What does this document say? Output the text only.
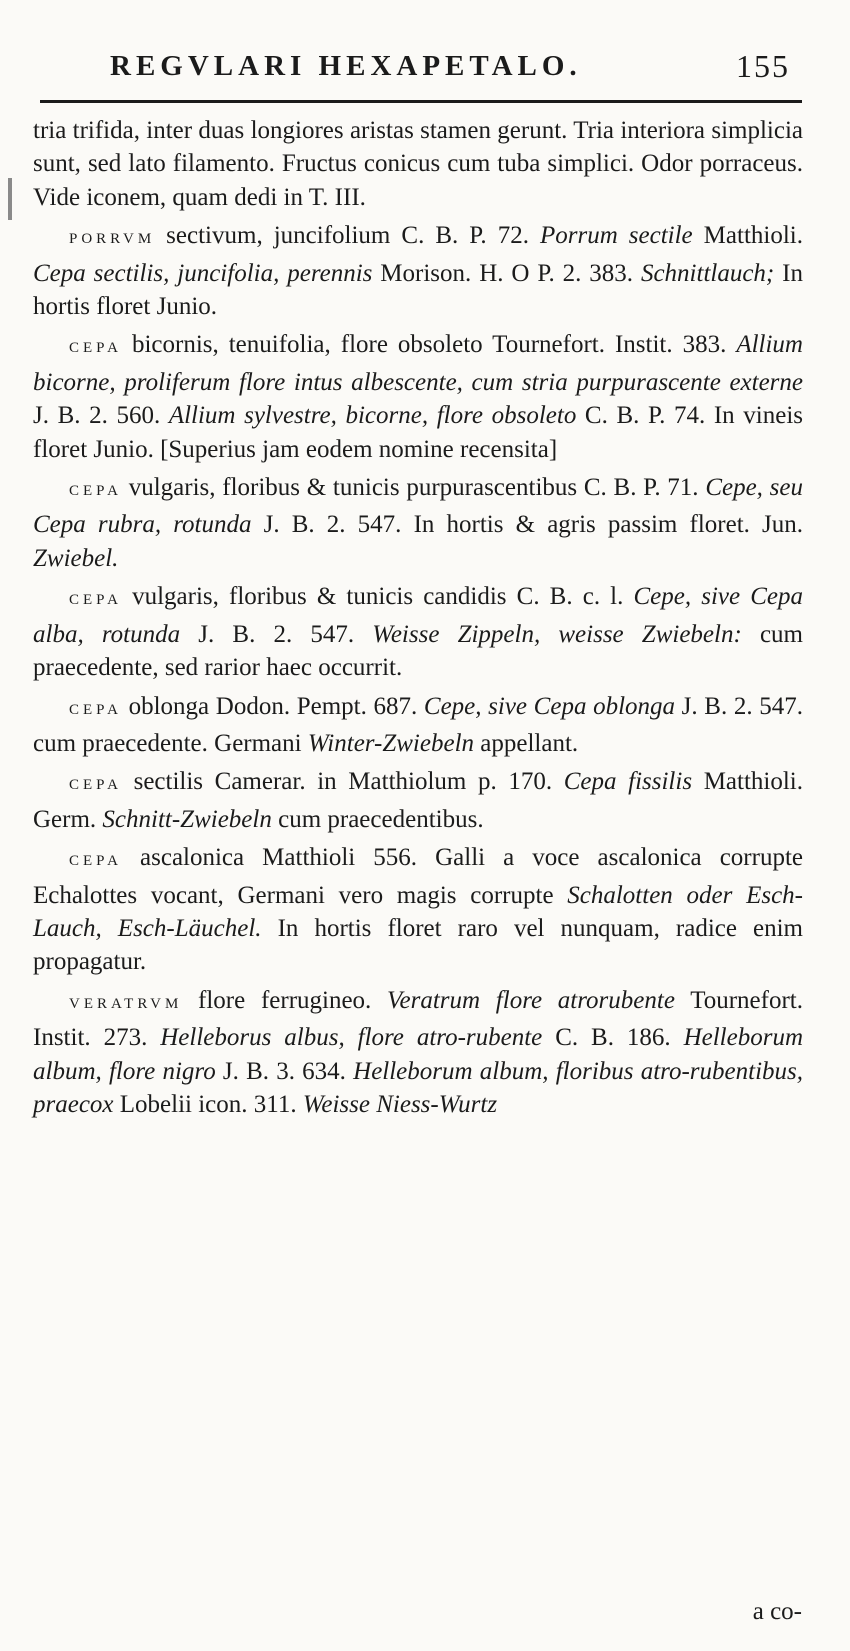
REGVLARI HEXAPETALO.	155

tria trifida, inter duas longiores aristas stamen gerunt. Tria interiora simplicia sunt, sed lato filamento. Fructus conicus cum tuba simplici. Odor porraceus. Vide iconem, quam dedi in T. III.

PORRVM sectivum, juncifolium C. B. P. 72. Porrum sectile Matthioli. Cepa sectilis, juncifolia, perennis Morison. H. O P. 2. 383. Schnittlauch; In hortis floret Junio.

CEPA bicornis, tenuifolia, flore obsoleto Tournefort. Instit. 383. Allium bicorne, proliferum flore intus albescente, cum stria purpurascente externe J. B. 2. 560. Allium sylvestre, bicorne, flore obsoleto C. B. P. 74. In vineis floret Junio. [Superius jam eodem nomine recensita]

CEPA vulgaris, floribus & tunicis purpurascentibus C. B. P. 71. Cepe, seu Cepa rubra, rotunda J. B. 2. 547. In hortis & agris passim floret. Jun. Zwiebel.

CEPA vulgaris, floribus & tunicis candidis C. B. c. l. Cepe, sive Cepa alba, rotunda J. B. 2. 547. Weisse Zippeln, weisse Zwiebeln: cum praecedente, sed rarior haec occurrit.

CEPA oblonga Dodon. Pempt. 687. Cepe, sive Cepa oblonga J. B. 2. 547. cum praecedente. Germani Winter-Zwiebeln appellant.

CEPA sectilis Camerar. in Matthiolum p. 170. Cepa fissilis Matthioli. Germ. Schnitt-Zwiebeln cum praecedentibus.

CEPA ascalonica Matthioli 556. Galli a voce ascalonica corrupte Echalottes vocant, Germani vero magis corrupte Schalotten oder Esch-Lauch, Esch-Läuchel. In hortis floret raro vel nunquam, radice enim propagatur.

VERATRVM flore ferrugineo. Veratrum flore atrorubente Tournefort. Instit. 273. Helleborus albus, flore atro-rubente C. B. 186. Helleborum album, flore nigro J. B. 3. 634. Helleborum album, floribus atro-rubentibus, praecox Lobelii icon. 311. Weisse Niess-Wurtz

a co-
